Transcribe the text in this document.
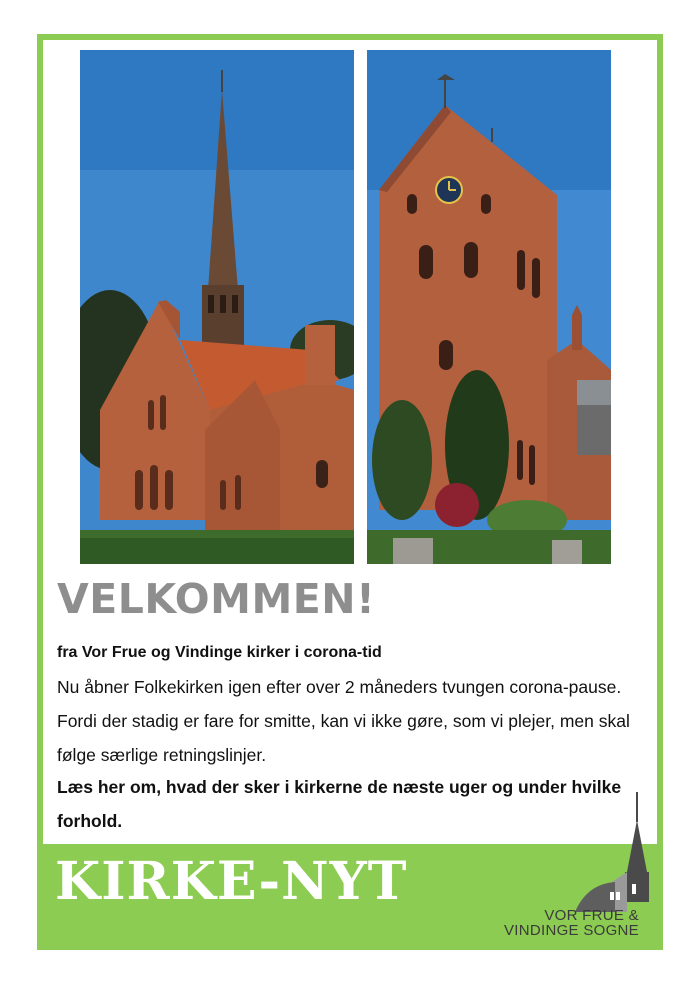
VELKOMMEN!

fra Vor Frue og Vindinge kirker i corona-tid

Nu åbner Folkekirken igen efter over 2 måneders tvungen corona-pause. Fordi der stadig er fare for smitte, kan vi ikke gøre, som vi plejer, men skal følge særlige retningslinjer.

Læs her om, hvad der sker i kirkerne de næste uger og under hvilke forhold.

KIRKE-NYT
VOR FRUE &
VINDINGE SOGNE
